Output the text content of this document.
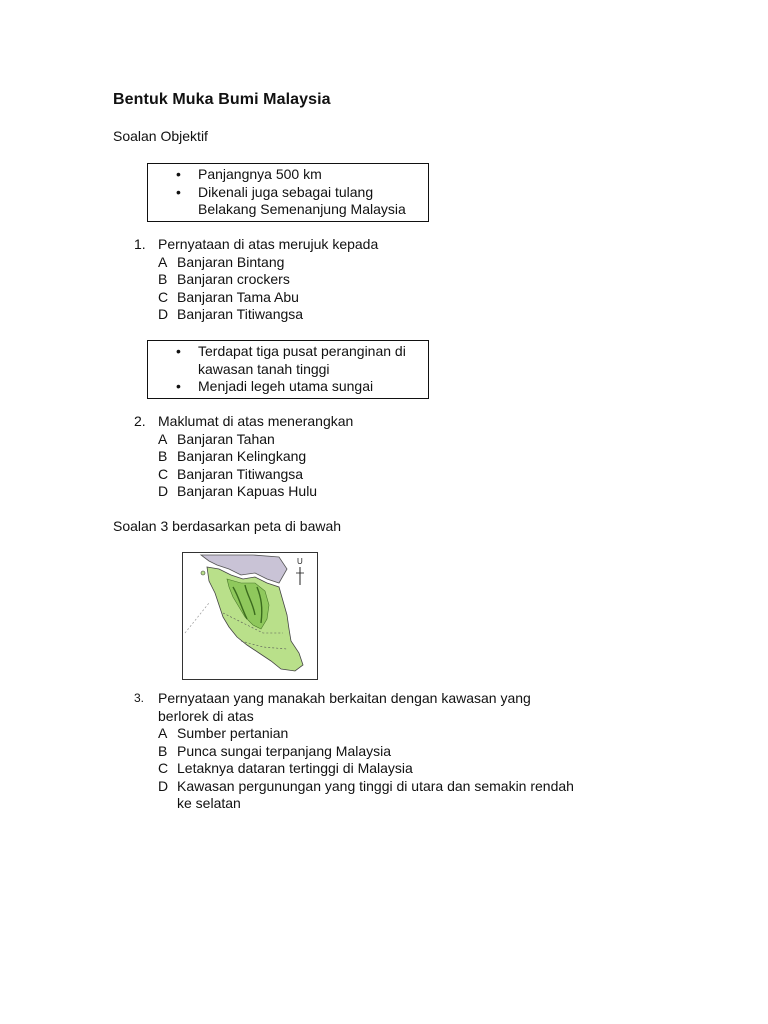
Bentuk Muka Bumi Malaysia
Soalan Objektif
• Panjangnya 500 km
• Dikenali juga sebagai tulang Belakang Semenanjung Malaysia
1. Pernyataan di atas merujuk kepada
A Banjaran Bintang
B Banjaran crockers
C Banjaran Tama Abu
D Banjaran Titiwangsa
• Terdapat tiga pusat peranginan di kawasan tanah tinggi
• Menjadi legeh utama sungai
2. Maklumat di atas menerangkan
A Banjaran Tahan
B Banjaran Kelingkang
C Banjaran Titiwangsa
D Banjaran Kapuas Hulu
Soalan 3 berdasarkan peta di bawah
U
3. Pernyataan yang manakah berkaitan dengan kawasan yang berlorek di atas
A Sumber pertanian
B Punca sungai terpanjang Malaysia
C Letaknya dataran tertinggi di Malaysia
D Kawasan pergunungan yang tinggi di utara dan semakin rendah ke selatan
